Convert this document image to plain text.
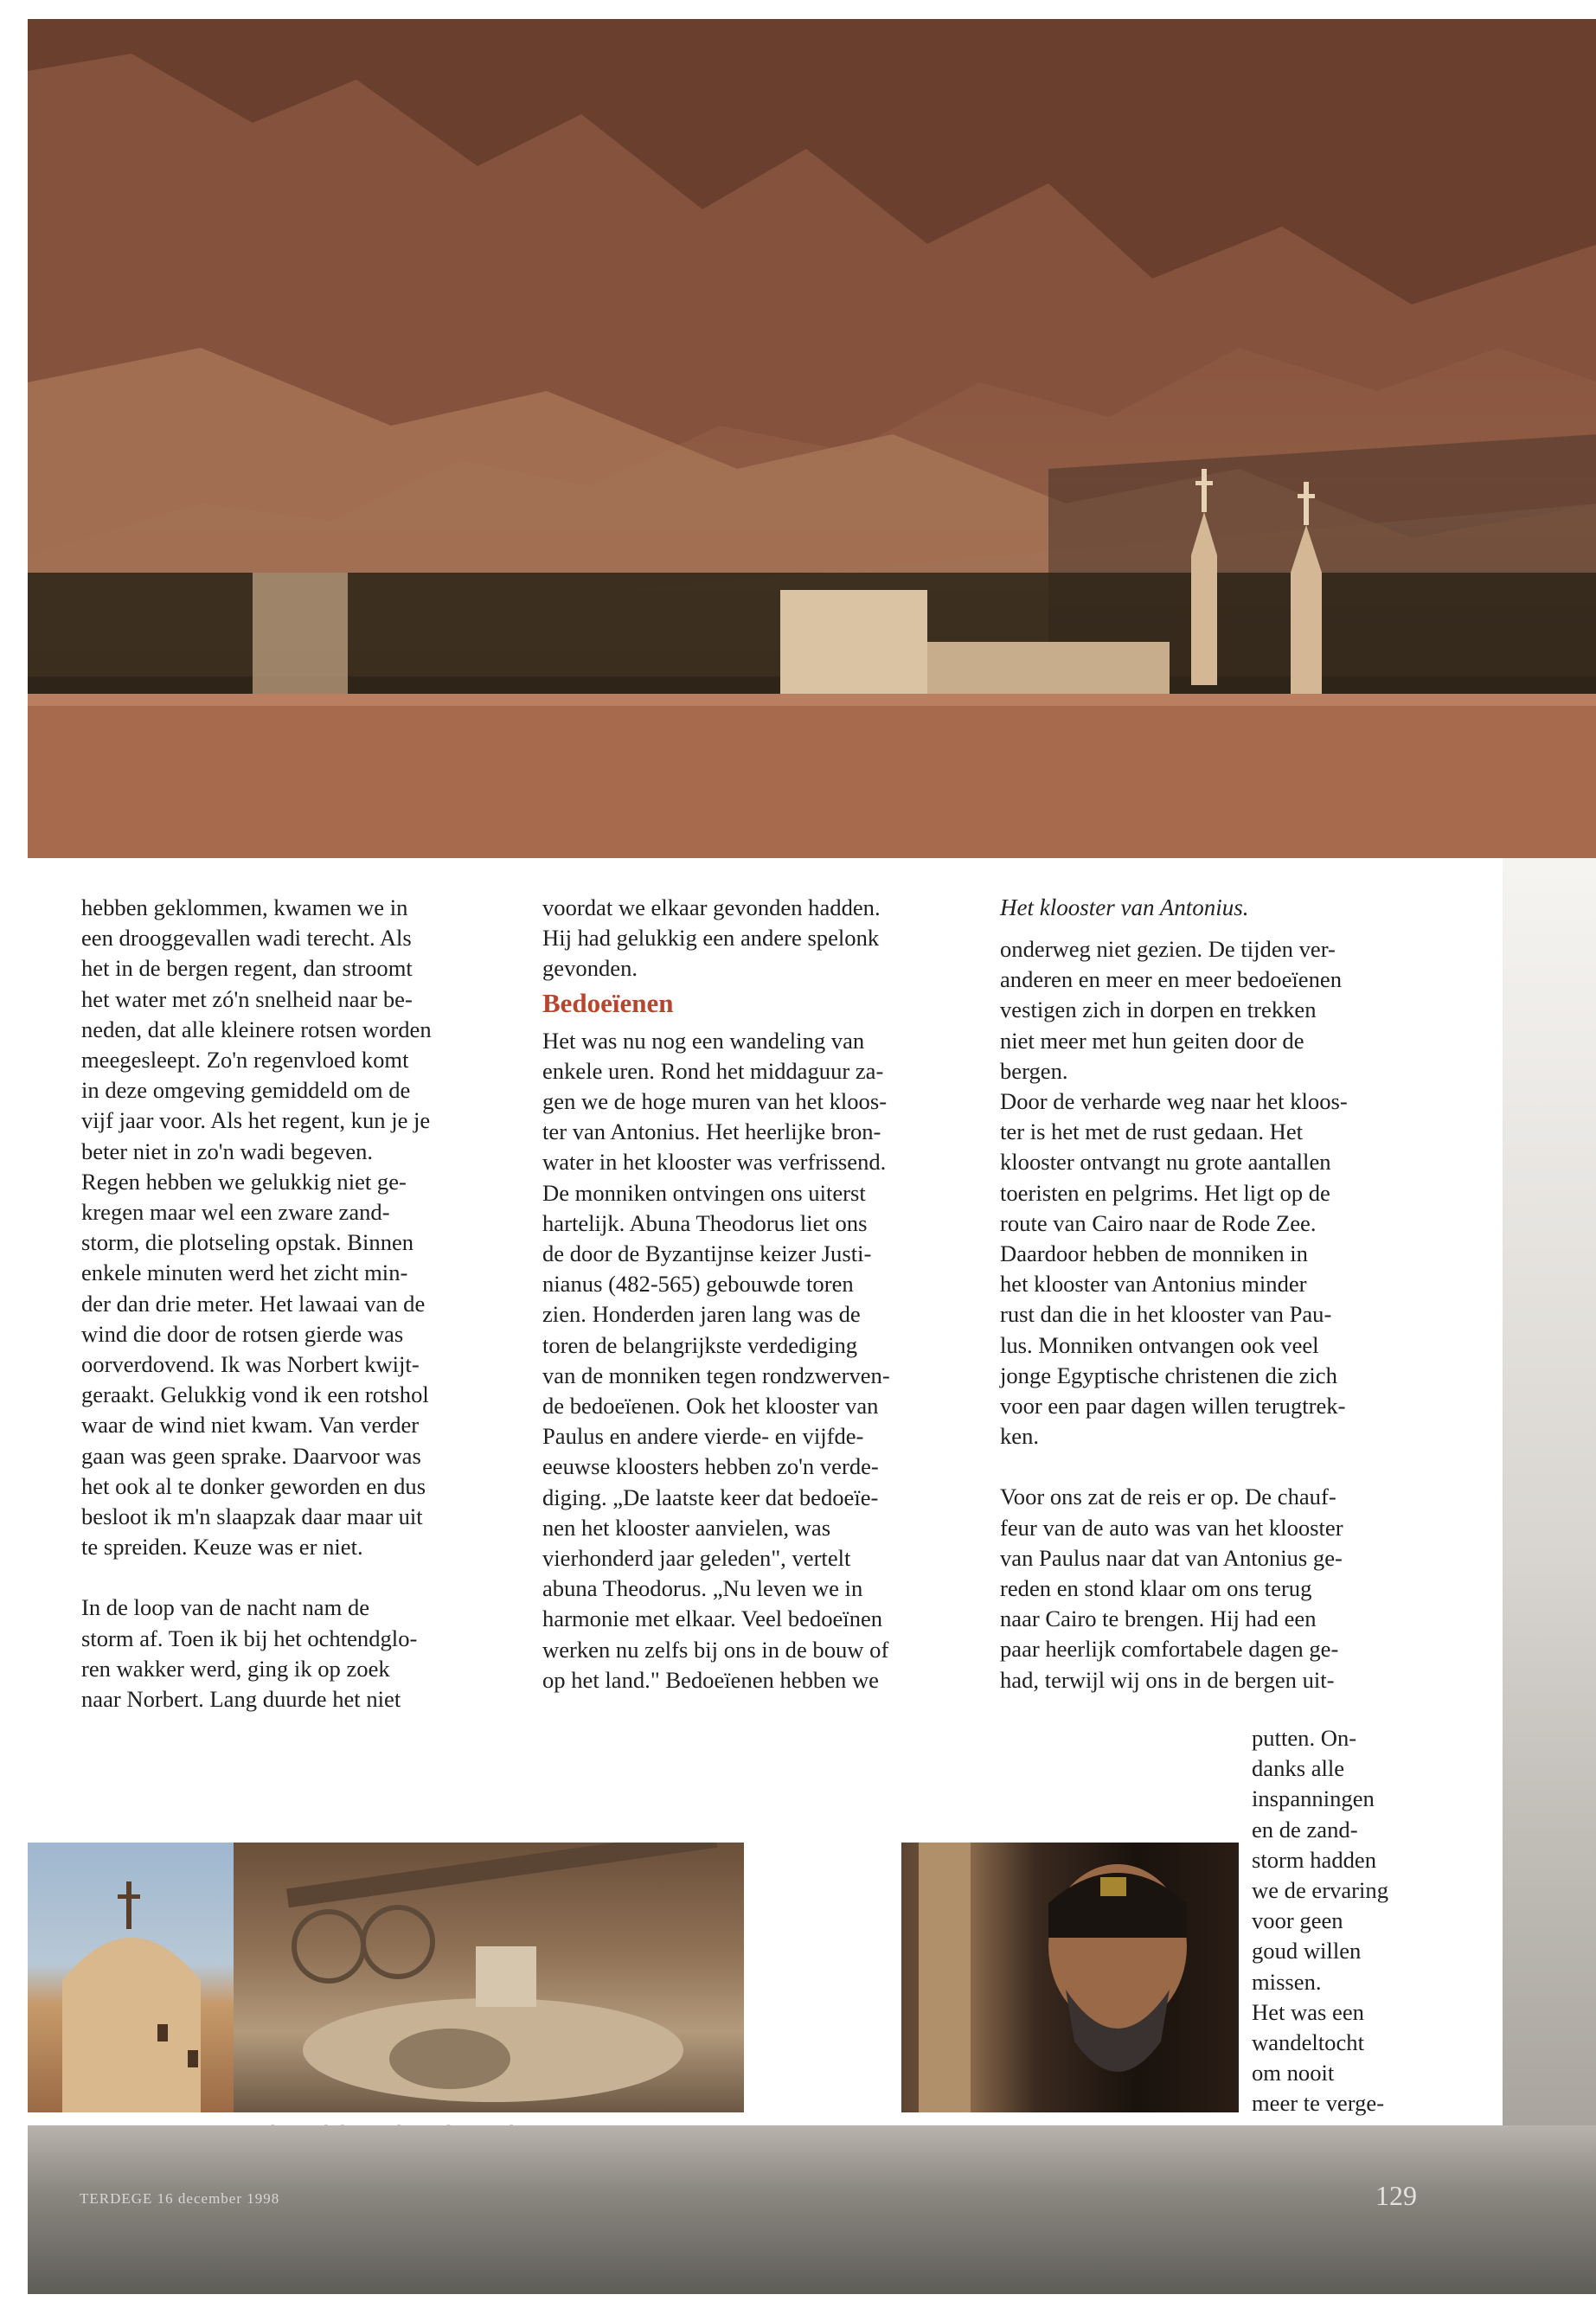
hebben geklommen, kwamen we in
een drooggevallen wadi terecht. Als
het in de bergen regent, dan stroomt
het water met zó'n snelheid naar be-
neden, dat alle kleinere rotsen worden
meegesleept. Zo'n regenvloed komt
in deze omgeving gemiddeld om de
vijf jaar voor. Als het regent, kun je je
beter niet in zo'n wadi begeven.
Regen hebben we gelukkig niet ge-
kregen maar wel een zware zand-
storm, die plotseling opstak. Binnen
enkele minuten werd het zicht min-
der dan drie meter. Het lawaai van de
wind die door de rotsen gierde was
oorverdovend. Ik was Norbert kwijt-
geraakt. Gelukkig vond ik een rotshol
waar de wind niet kwam. Van verder
gaan was geen sprake. Daarvoor was
het ook al te donker geworden en dus
besloot ik m'n slaapzak daar maar uit
te spreiden. Keuze was er niet.

In de loop van de nacht nam de
storm af. Toen ik bij het ochtendglo-
ren wakker werd, ging ik op zoek
naar Norbert. Lang duurde het niet

voordat we elkaar gevonden hadden.
Hij had gelukkig een andere spelonk
gevonden.

Bedoeïenen

Het was nu nog een wandeling van
enkele uren. Rond het middaguur za-
gen we de hoge muren van het kloos-
ter van Antonius. Het heerlijke bron-
water in het klooster was verfrissend.
De monniken ontvingen ons uiterst
hartelijk. Abuna Theodorus liet ons
de door de Byzantijnse keizer Justi-
nianus (482-565) gebouwde toren
zien. Honderden jaren lang was de
toren de belangrijkste verdediging
van de monniken tegen rondzwerven-
de bedoeïenen. Ook het klooster van
Paulus en andere vierde- en vijfde-
eeuwse kloosters hebben zo'n verde-
diging. „De laatste keer dat bedoeïe-
nen het klooster aanvielen, was
vierhonderd jaar geleden", vertelt
abuna Theodorus. „Nu leven we in
harmonie met elkaar. Veel bedoeïnen
werken nu zelfs bij ons in de bouw of
op het land." Bedoeïenen hebben we

Het klooster van Antonius.

onderweg niet gezien. De tijden ver-
anderen en meer en meer bedoeïenen
vestigen zich in dorpen en trekken
niet meer met hun geiten door de
bergen.
Door de verharde weg naar het kloos-
ter is het met de rust gedaan. Het
klooster ontvangt nu grote aantallen
toeristen en pelgrims. Het ligt op de
route van Cairo naar de Rode Zee.
Daardoor hebben de monniken in
het klooster van Antonius minder
rust dan die in het klooster van Pau-
lus. Monniken ontvangen ook veel
jonge Egyptische christenen die zich
voor een paar dagen willen terugtrek-
ken.

Voor ons zat de reis er op. De chauf-
feur van de auto was van het klooster
van Paulus naar dat van Antonius ge-
reden en stond klaar om ons terug
naar Cairo te brengen. Hij had een
paar heerlijk comfortabele dagen ge-
had, terwijl wij ons in de bergen uit-

putten. On-
danks alle
inspanningen
en de zand-
storm hadden
we de ervaring
voor geen
goud willen
missen.
Het was een
wandeltocht
om nooit
meer te verge-

TERDEGE 16 december 1998	129
